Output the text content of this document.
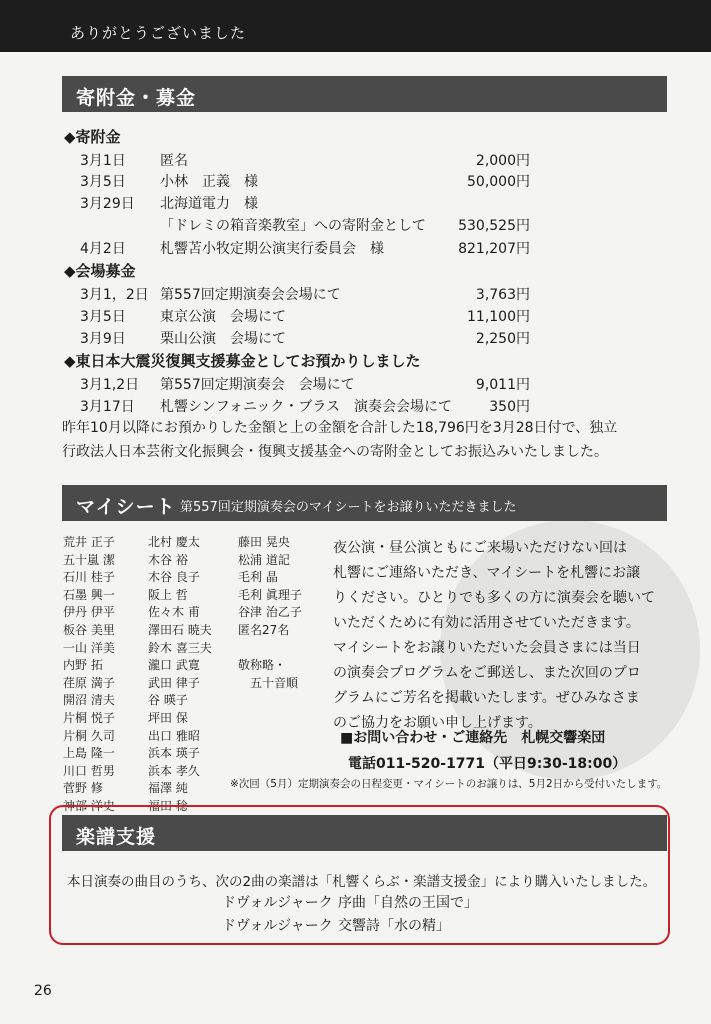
ありがとうございました
寄附金・募金
◆寄附金
3月1日 匿名	2,000円
3月5日 小林　正義　様	50,000円
3月29日 北海道電力　様
「ドレミの箱音楽教室」への寄附金として	530,525円
4月2日 札響苫小牧定期公演実行委員会　様	821,207円
◆会場募金
3月1，2日 第557回定期演奏会会場にて	3,763円
3月5日 東京公演　会場にて	11,100円
3月9日 栗山公演　会場にて	2,250円
◆東日本大震災復興支援募金としてお預かりしました
3月1,2日 第557回定期演奏会　会場にて	9,011円
3月17日 札響シンフォニック・ブラス　演奏会会場にて	350円
昨年10月以降にお預かりした金額と上の金額を合計した18,796円を3月28日付で、独立
行政法人日本芸術文化振興会・復興支援基金への寄附金としてお振込みいたしました。
マイシート 第557回定期演奏会のマイシートをお譲りいただきました
荒井 正子
五十嵐 潔
石川 桂子
石墨 興一
伊丹 伊平
板谷 美里
一山 洋美
内野 拓
荏原 満子
開沼 清夫
片桐 悦子
片桐 久司
上島 隆一
川口 哲男
菅野 修
神部 洋史
北村 慶太
木谷 裕
木谷 良子
阪上 哲
佐々木 甫
澤田石 暁夫
鈴木 喜三夫
瀧口 武寛
武田 律子
谷 暎子
坪田 保
出口 雅昭
浜本 瑛子
浜本 孝久
福澤 純
福田 稔
藤田 晃央
松浦 道記
毛利 晶
毛利 眞理子
谷津 治乙子
匿名27名
敬称略・
　五十音順
夜公演・昼公演ともにご来場いただけない回は
札響にご連絡いただき、マイシートを札響にお譲
りください。ひとりでも多くの方に演奏会を聴いて
いただくために有効に活用させていただきます。
マイシートをお譲りいただいた会員さまには当日
の演奏会プログラムをご郵送し、また次回のプロ
グラムにご芳名を掲載いたします。ぜひみなさま
のご協力をお願い申し上げます。
■お問い合わせ・ご連絡先　札幌交響楽団
電話011-520-1771（平日9:30-18:00）
※次回（5月）定期演奏会の日程変更・マイシートのお譲りは、5月2日から受付いたします。
楽譜支援
本日演奏の曲目のうち、次の2曲の楽譜は「札響くらぶ・楽譜支援金」により購入いたしました。
ドヴォルジャーク 序曲「自然の王国で」
ドヴォルジャーク 交響詩「水の精」
26
